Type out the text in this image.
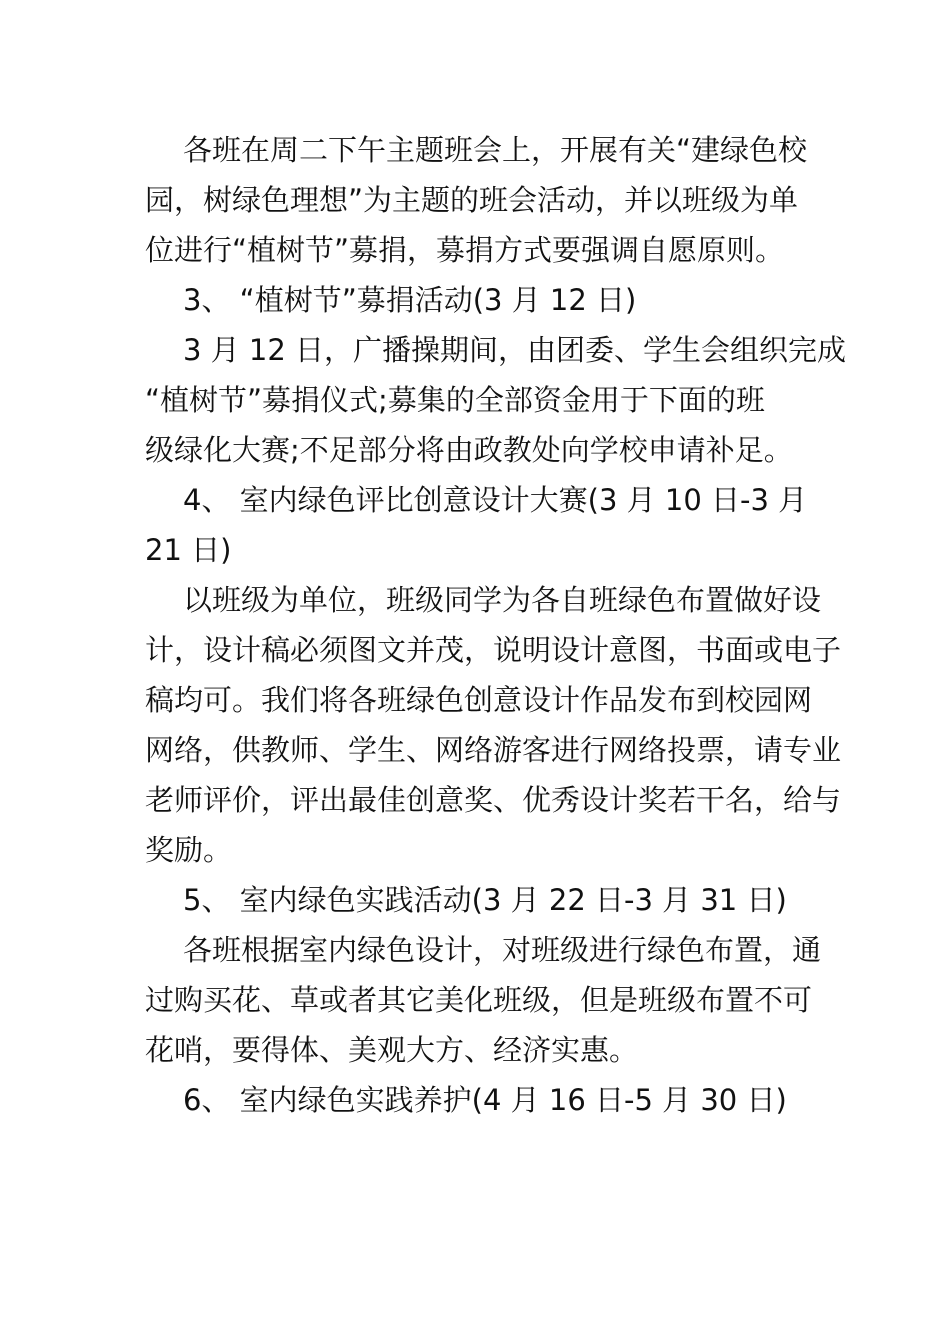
各班在周二下午主题班会上，开展有关“建绿色校

园，树绿色理想”为主题的班会活动，并以班级为单

位进行“植树节”募捐，募捐方式要强调自愿原则。

3、 “植树节”募捐活动(3 月 12 日)

3 月 12 日，广播操期间，由团委、学生会组织完成

“植树节”募捐仪式;募集的全部资金用于下面的班

级绿化大赛;不足部分将由政教处向学校申请补足。

4、 室内绿色评比创意设计大赛(3 月 10 日-3 月

21 日)

以班级为单位，班级同学为各自班绿色布置做好设

计，设计稿必须图文并茂，说明设计意图，书面或电子

稿均可。我们将各班绿色创意设计作品发布到校园网

网络，供教师、学生、网络游客进行网络投票，请专业

老师评价，评出最佳创意奖、优秀设计奖若干名，给与

奖励。

5、 室内绿色实践活动(3 月 22 日-3 月 31 日)

各班根据室内绿色设计，对班级进行绿色布置，通

过购买花、草或者其它美化班级，但是班级布置不可

花哨，要得体、美观大方、经济实惠。

6、 室内绿色实践养护(4 月 16 日-5 月 30 日)
